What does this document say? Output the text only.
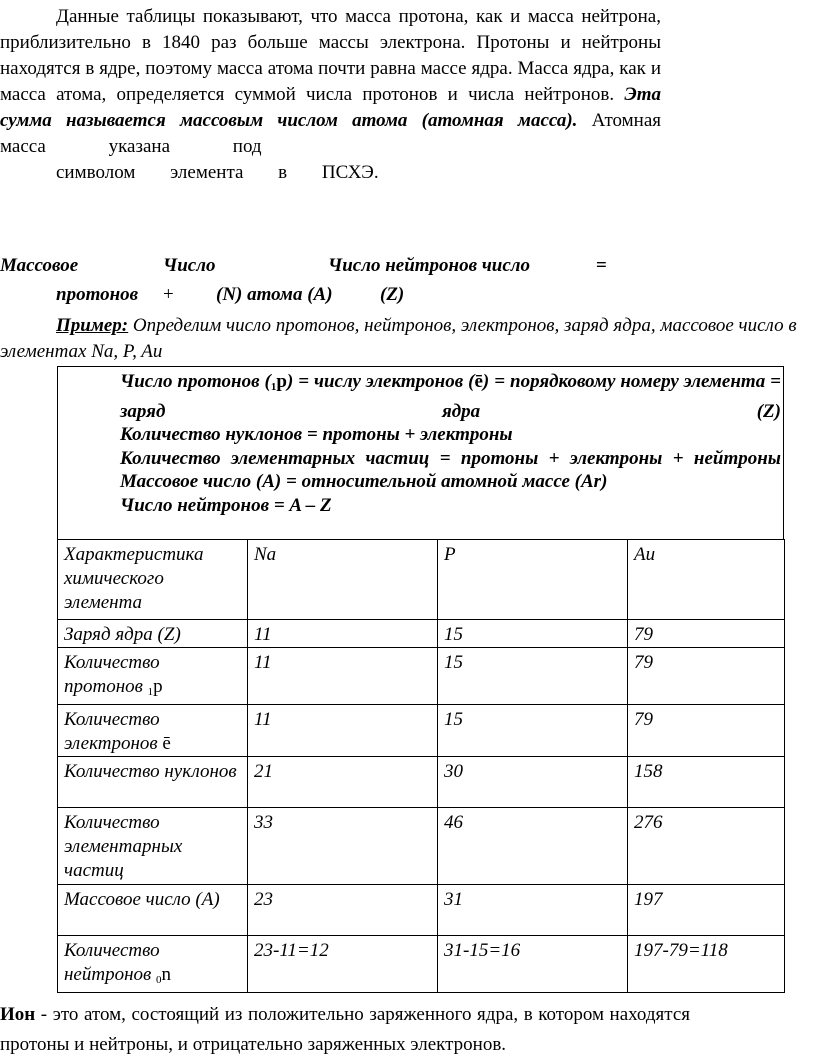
Данные таблицы показывают, что масса протона, как и масса нейтрона, приблизительно в 1840 раз больше массы электрона. Протоны и нейтроны находятся в ядре, поэтому масса атома почти равна массе ядра. Масса ядра, как и масса атома, определяется суммой числа протонов и числа нейтронов. Эта сумма называется массовым числом атома (атомная масса). Атомная масса указана под

символом элемента в ПСХЭ.
Массовое	Число	Число нейтронов число	=
протонов + (N) атома (А) (Z)
Пример: Определим число протонов, нейтронов, электронов, заряд ядра, массовое число в элементах Na, P, Au
Число протонов $(_1p)$ = числу электронов (ē) = порядковому номеру элемента = заряд ядра (Z)
Количество нуклонов = протоны + электроны
Количество элементарных частиц = протоны + электроны + нейтроны
Массовое число (А) = относительной атомной массе (Ar)
Число нейтронов = A – Z
Характеристика химического элемента	Na	P	Au
Заряд ядра (Z)	11	15	79
Количество протонов $_1$p	11	15	79
Количество электронов ē	11	15	79
Количество нуклонов	21	30	158
Количество элементарных частиц	33	46	276
Массовое число (А)	23	31	197
Количество нейтронов $_0$n	23-11=12	31-15=16	197-79=118
Ион - это атом, состоящий из положительно заряженного ядра, в котором находятся протоны и нейтроны, и отрицательно заряженных электронов.
